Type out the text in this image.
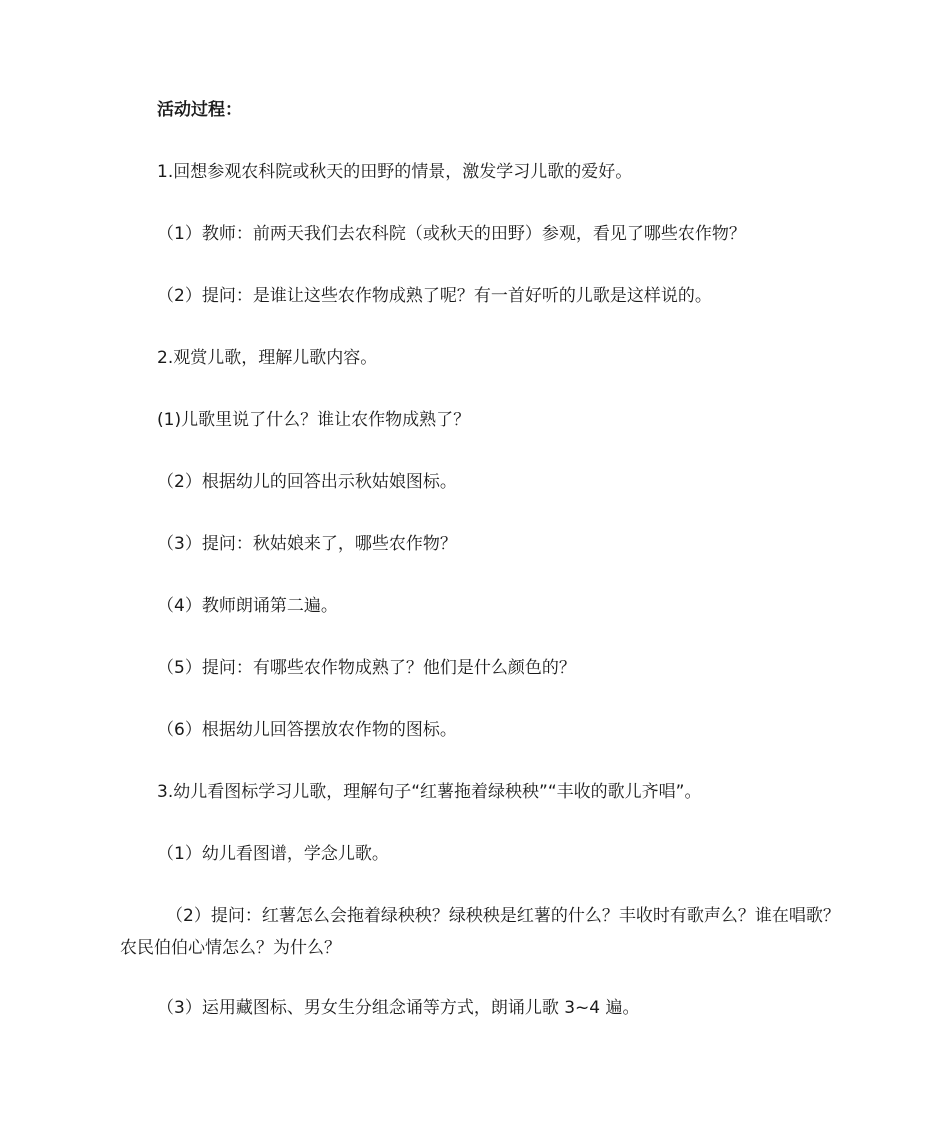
活动过程：
1.回想参观农科院或秋天的田野的情景，激发学习儿歌的爱好。
（1）教师：前两天我们去农科院（或秋天的田野）参观，看见了哪些农作物？
（2）提问：是谁让这些农作物成熟了呢？有一首好听的儿歌是这样说的。
2.观赏儿歌，理解儿歌内容。
(1)儿歌里说了什么？谁让农作物成熟了？
（2）根据幼儿的回答出示秋姑娘图标。
（3）提问：秋姑娘来了，哪些农作物？
（4）教师朗诵第二遍。
（5）提问：有哪些农作物成熟了？他们是什么颜色的？
（6）根据幼儿回答摆放农作物的图标。
3.幼儿看图标学习儿歌，理解句子“红薯拖着绿秧秧”“丰收的歌儿齐唱”。
（1）幼儿看图谱，学念儿歌。
（2）提问：红薯怎么会拖着绿秧秧？绿秧秧是红薯的什么？丰收时有歌声么？谁在唱歌？农民伯伯心情怎么？为什么？
（3）运用藏图标、男女生分组念诵等方式，朗诵儿歌 3~4 遍。
